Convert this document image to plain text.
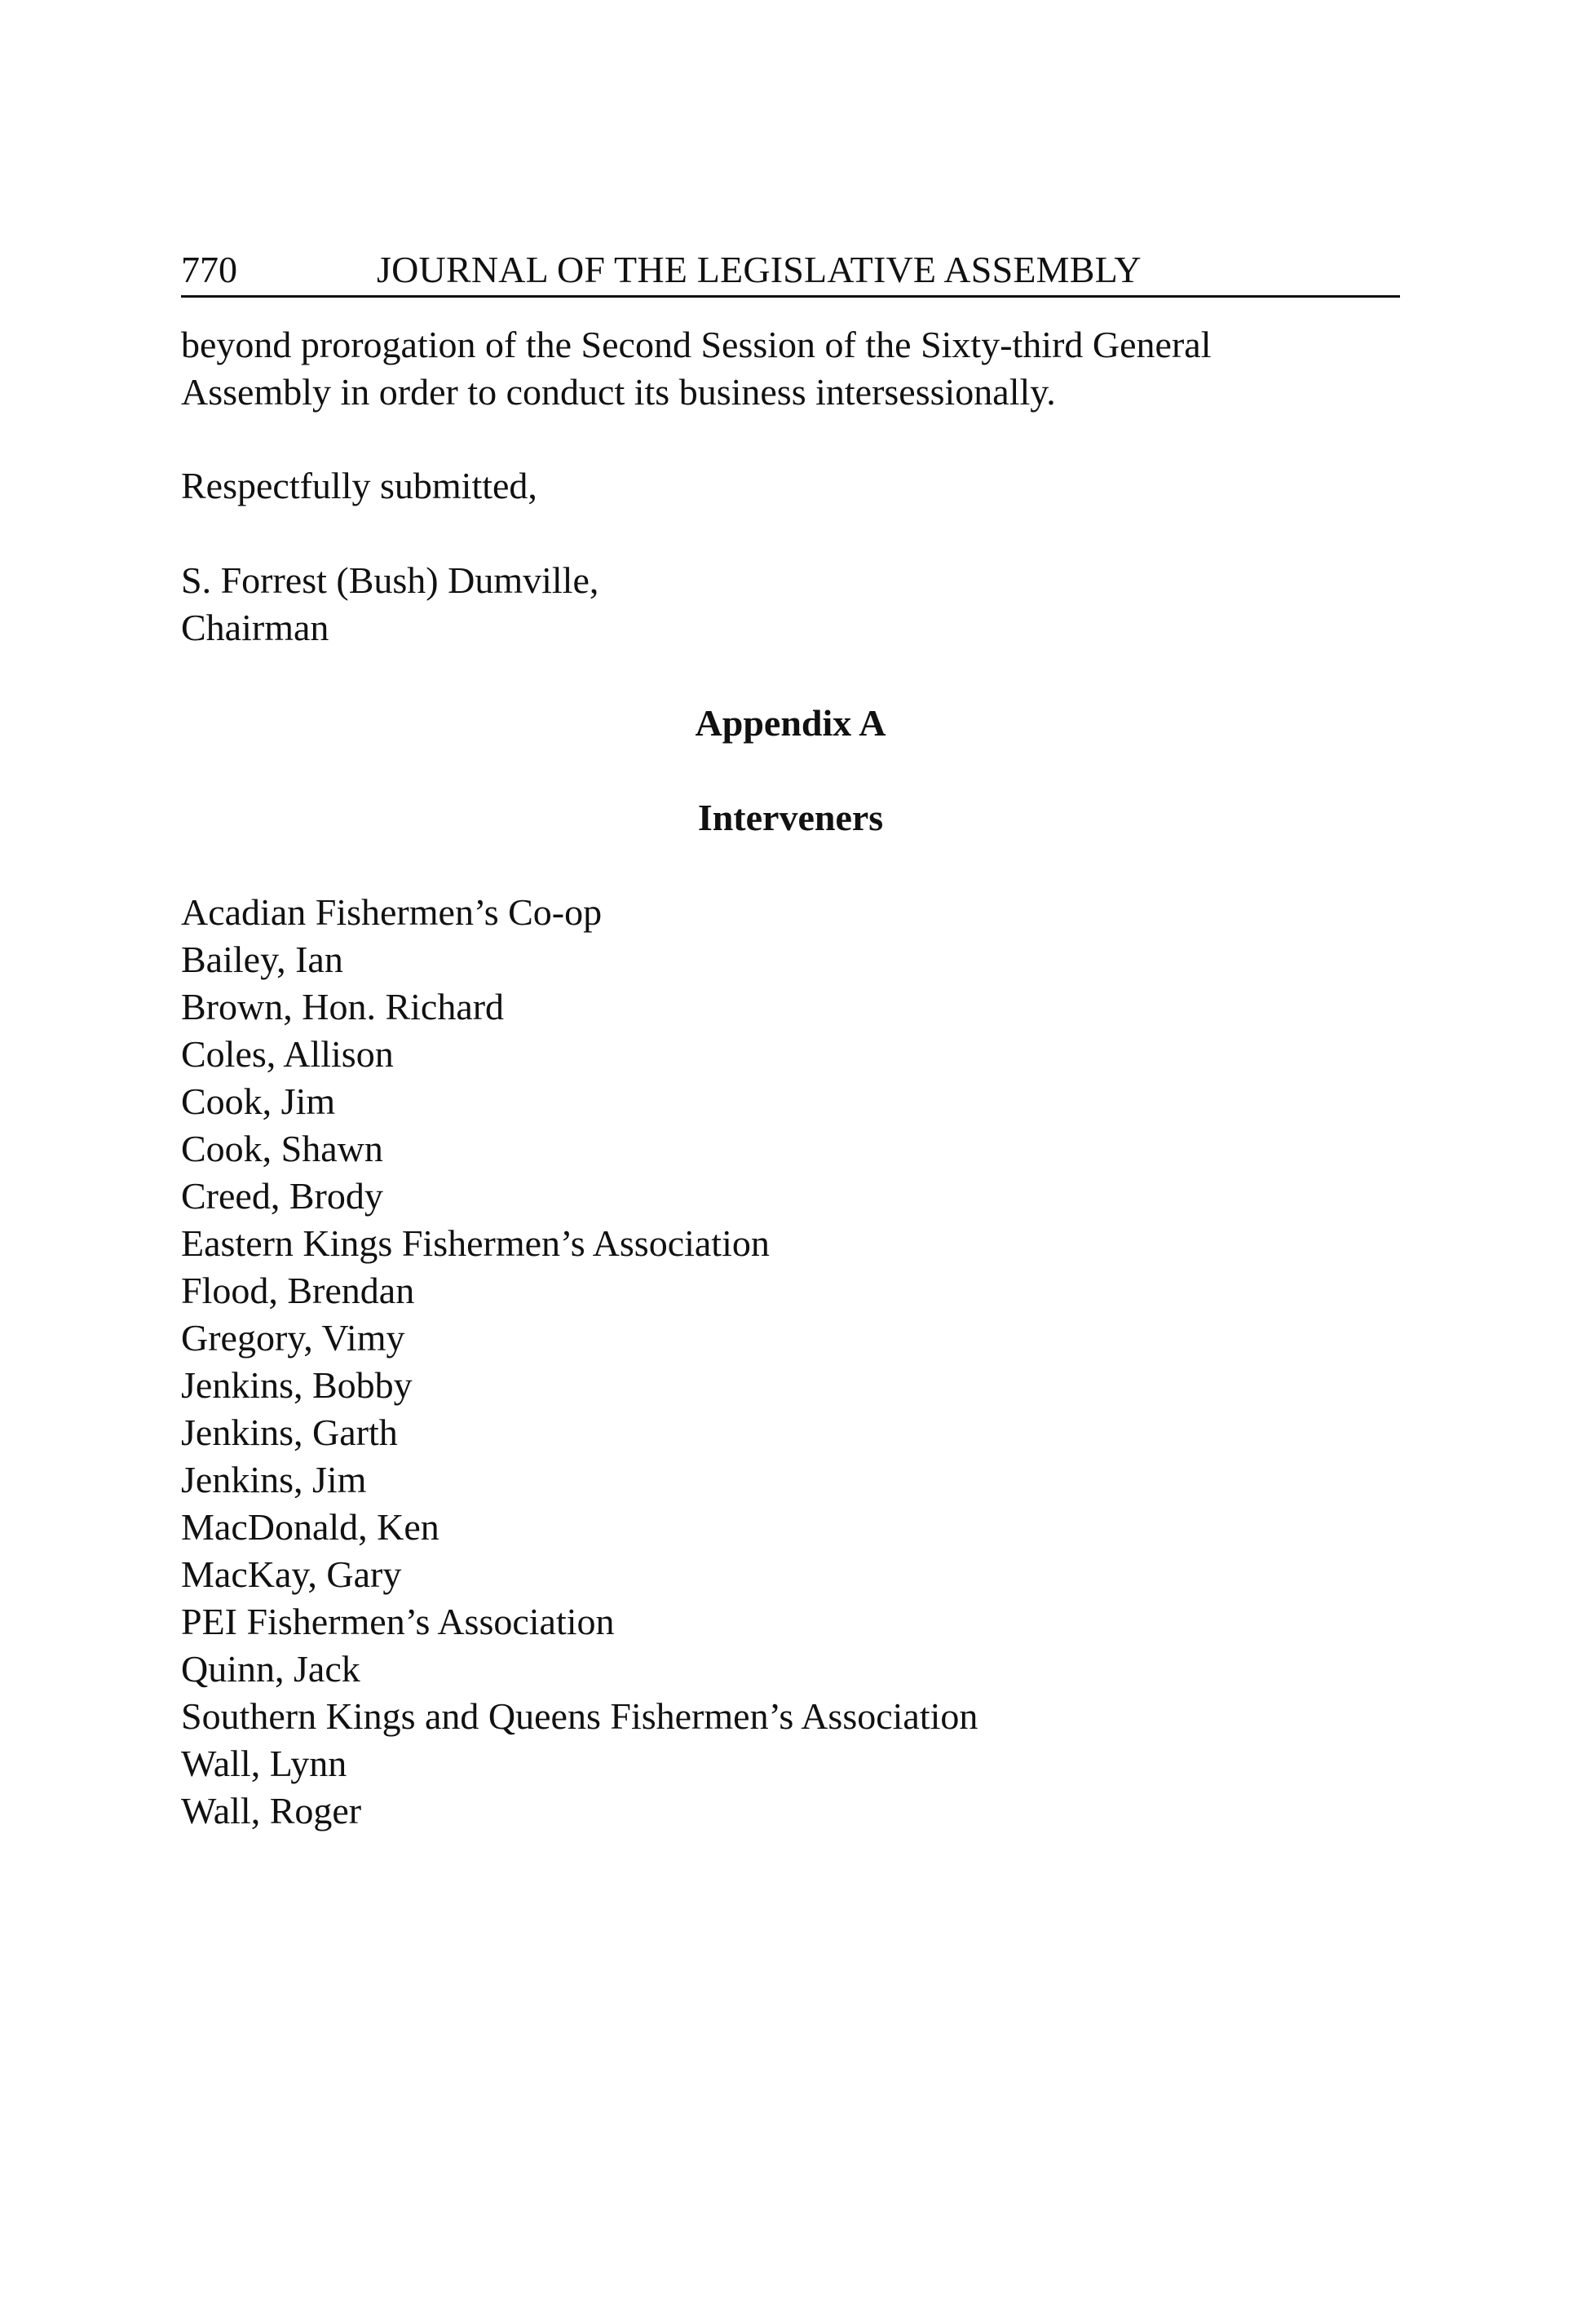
770	JOURNAL OF THE LEGISLATIVE ASSEMBLY
beyond prorogation of the Second Session of the Sixty-third General
Assembly in order to conduct its business intersessionally.
Respectfully submitted,
S. Forrest (Bush) Dumville,
Chairman
Appendix A
Interveners
Acadian Fishermen’s Co-op
Bailey, Ian
Brown, Hon. Richard
Coles, Allison
Cook, Jim
Cook, Shawn
Creed, Brody
Eastern Kings Fishermen’s Association
Flood, Brendan
Gregory, Vimy
Jenkins, Bobby
Jenkins, Garth
Jenkins, Jim
MacDonald, Ken
MacKay, Gary
PEI Fishermen’s Association
Quinn, Jack
Southern Kings and Queens Fishermen’s Association
Wall, Lynn
Wall, Roger
